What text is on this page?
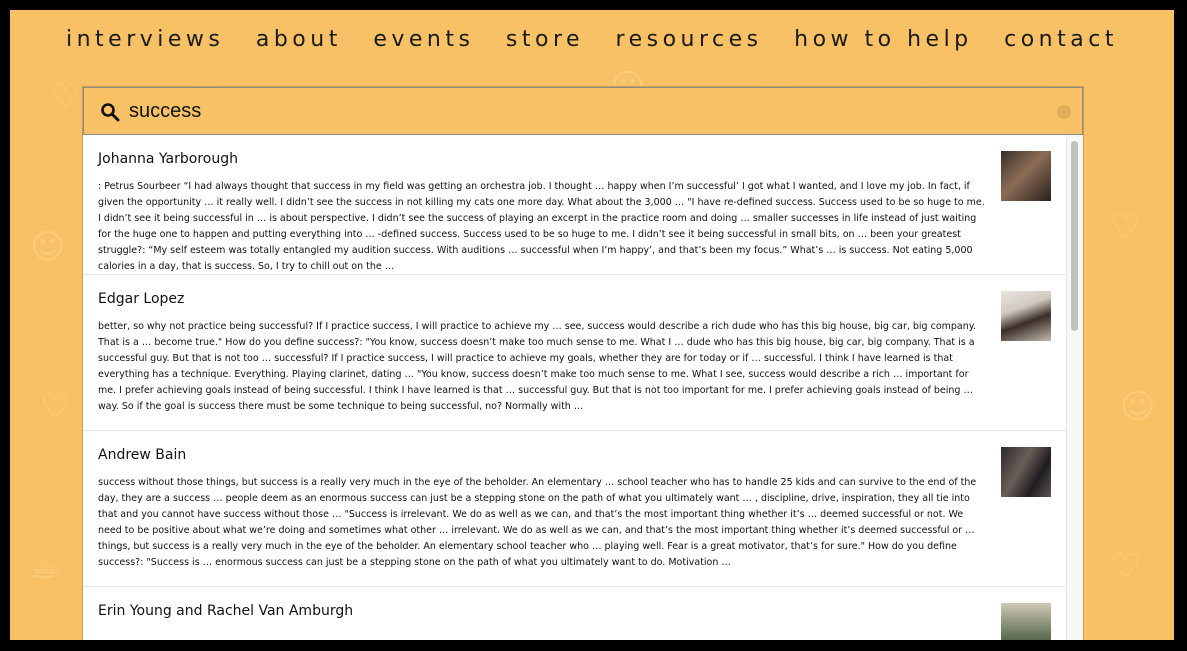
♡
☺	♡
♡	☺
☕	♡
interviews about events store resources how to help contact
success
Johanna Yarborough

: Petrus Sourbeer “I had always thought that success in my field was getting an orchestra job. I thought … happy when I’m successful’ I got what I wanted, and I love my job. In fact, if given the opportunity … it really well. I didn’t see the success in not killing my cats one more day. What about the 3,000 … "I have re-defined success. Success used to be so huge to me. I didn’t see it being successful in … is about perspective. I didn’t see the success of playing an excerpt in the practice room and doing … smaller successes in life instead of just waiting for the huge one to happen and putting everything into … -defined success. Success used to be so huge to me. I didn’t see it being successful in small bits, on … been your greatest struggle?: “My self esteem was totally entangled my audition success. With auditions … successful when I’m happy’, and that’s been my focus.” What’s … is success. Not eating 5,000 calories in a day, that is success. So, I try to chill out on the …

Edgar Lopez

better, so why not practice being successful? If I practice success, I will practice to achieve my … see, success would describe a rich dude who has this big house, big car, big company. That is a … become true." How do you define success?: "You know, success doesn’t make too much sense to me. What I … dude who has this big house, big car, big company. That is a successful guy. But that is not too … successful? If I practice success, I will practice to achieve my goals, whether they are for today or if … successful. I think I have learned is that everything has a technique. Everything. Playing clarinet, dating … "You know, success doesn’t make too much sense to me. What I see, success would describe a rich … important for me. I prefer achieving goals instead of being successful. I think I have learned is that … successful guy. But that is not too important for me. I prefer achieving goals instead of being … way. So if the goal is success there must be some technique to being successful, no? Normally with …

Andrew Bain

success without those things, but success is a really very much in the eye of the beholder. An elementary … school teacher who has to handle 25 kids and can survive to the end of the day, they are a success … people deem as an enormous success can just be a stepping stone on the path of what you ultimately want … , discipline, drive, inspiration, they all tie into that and you cannot have success without those … "Success is irrelevant. We do as well as we can, and that’s the most important thing whether it’s … deemed successful or not. We need to be positive about what we’re doing and sometimes what other … irrelevant. We do as well as we can, and that’s the most important thing whether it’s deemed successful or … things, but success is a really very much in the eye of the beholder. An elementary school teacher who … playing well. Fear is a great motivator, that’s for sure." How do you define success?: "Success is … enormous success can just be a stepping stone on the path of what you ultimately want to do. Motivation …

Erin Young and Rachel Van Amburgh
